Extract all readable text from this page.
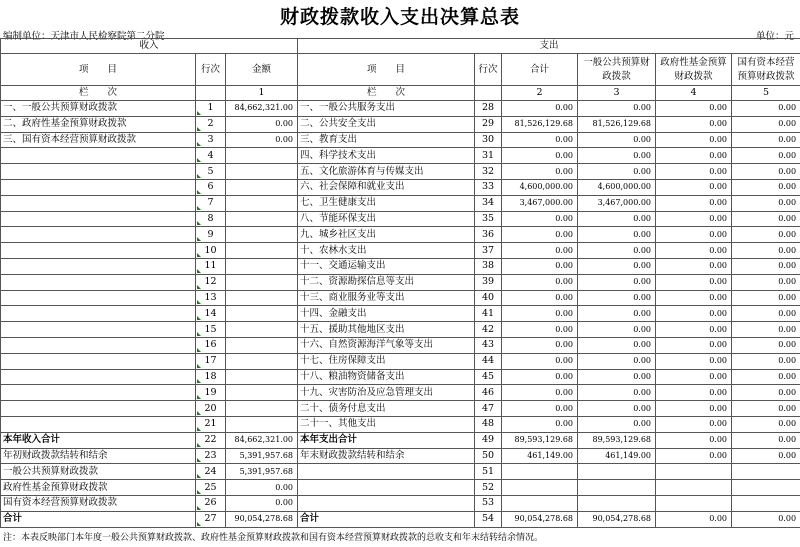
财政拨款收入支出决算总表
编制单位：天津市人民检察院第二分院	单位：元
收入			支出					
项　　目	行次	金额	项　　目	行次	合计	一般公共预算财政拨款	政府性基金预算财政拨款	国有资本经营预算财政拨款
栏　　次		1	栏　　次		2	3	4	5
一、一般公共预算财政拨款	1	84,662,321.00	一、一般公共服务支出	28	0.00	0.00	0.00	0.00
二、政府性基金预算财政拨款	2	0.00	二、公共安全支出	29	81,526,129.68	81,526,129.68	0.00	0.00
三、国有资本经营预算财政拨款	3	0.00	三、教育支出	30	0.00	0.00	0.00	0.00
	4		四、科学技术支出	31	0.00	0.00	0.00	0.00
	5		五、文化旅游体育与传媒支出	32	0.00	0.00	0.00	0.00
	6		六、社会保障和就业支出	33	4,600,000.00	4,600,000.00	0.00	0.00
	7		七、卫生健康支出	34	3,467,000.00	3,467,000.00	0.00	0.00
	8		八、节能环保支出	35	0.00	0.00	0.00	0.00
	9		九、城乡社区支出	36	0.00	0.00	0.00	0.00
	10		十、农林水支出	37	0.00	0.00	0.00	0.00
	11		十一、交通运输支出	38	0.00	0.00	0.00	0.00
	12		十二、资源勘探信息等支出	39	0.00	0.00	0.00	0.00
	13		十三、商业服务业等支出	40	0.00	0.00	0.00	0.00
	14		十四、金融支出	41	0.00	0.00	0.00	0.00
	15		十五、援助其他地区支出	42	0.00	0.00	0.00	0.00
	16		十六、自然资源海洋气象等支出	43	0.00	0.00	0.00	0.00
	17		十七、住房保障支出	44	0.00	0.00	0.00	0.00
	18		十八、粮油物资储备支出	45	0.00	0.00	0.00	0.00
	19		十九、灾害防治及应急管理支出	46	0.00	0.00	0.00	0.00
	20		二十、债务付息支出	47	0.00	0.00	0.00	0.00
	21		二十一、其他支出	48	0.00	0.00	0.00	0.00
本年收入合计	22	84,662,321.00	本年支出合计	49	89,593,129.68	89,593,129.68	0.00	0.00
年初财政拨款结转和结余	23	5,391,957.68	年末财政拨款结转和结余	50	461,149.00	461,149.00	0.00	0.00
一般公共预算财政拨款	24	5,391,957.68		51				
政府性基金预算财政拨款	25	0.00		52				
国有资本经营预算财政拨款	26	0.00		53				
合计	27	90,054,278.68	合计	54	90,054,278.68	90,054,278.68	0.00	0.00
注：本表反映部门本年度一般公共预算财政拨款、政府性基金预算财政拨款和国有资本经营预算财政拨款的总收支和年末结转结余情况。
